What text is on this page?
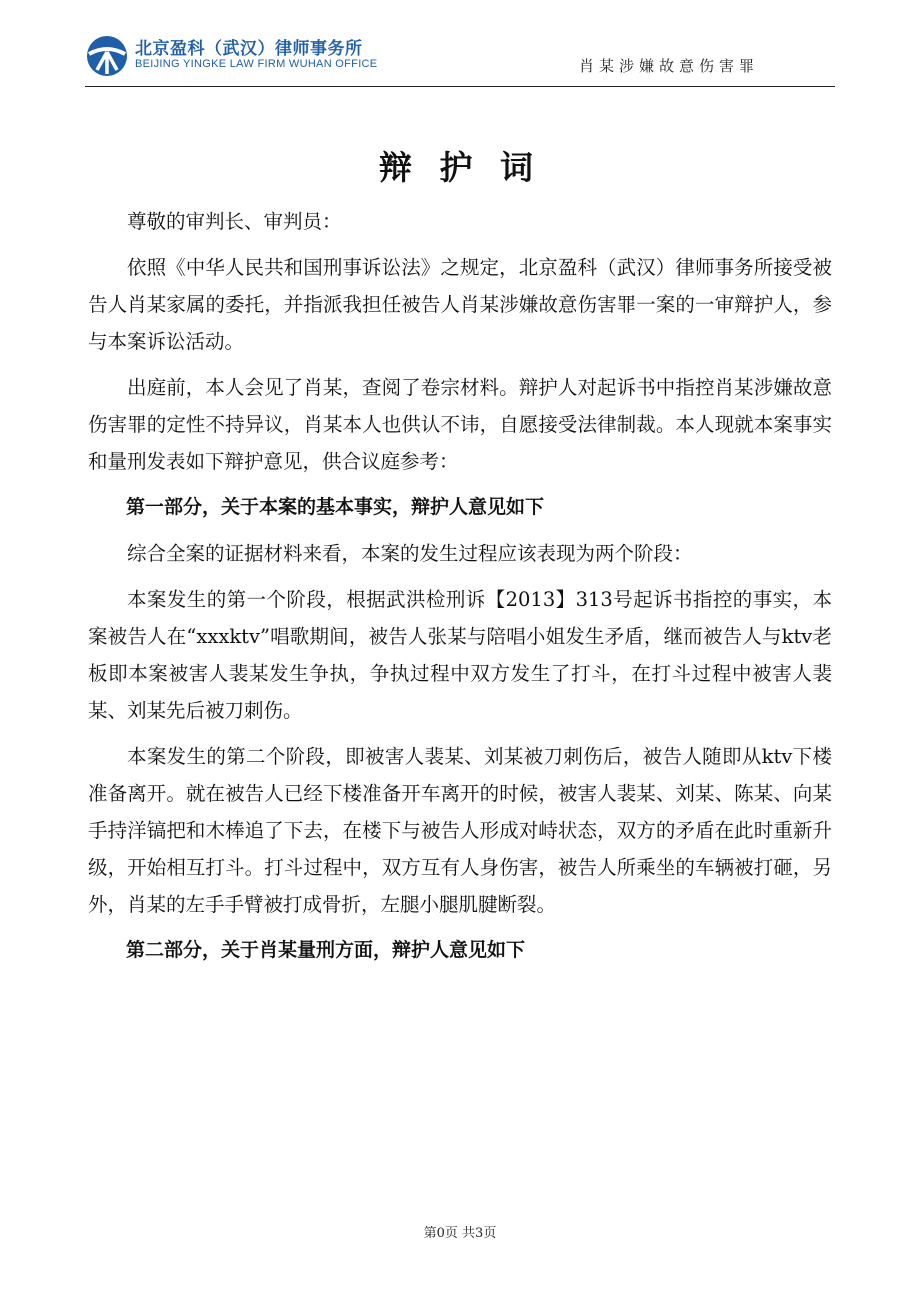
北京盈科（武汉）律师事务所
BEIJING YINGKE LAW FIRM WUHAN OFFICE	肖某涉嫌故意伤害罪
辩 护 词

尊敬的审判长、审判员：

依照《中华人民共和国刑事诉讼法》之规定，北京盈科（武汉）律师事务所接受被告人肖某家属的委托，并指派我担任被告人肖某涉嫌故意伤害罪一案的一审辩护人，参与本案诉讼活动。

出庭前，本人会见了肖某，查阅了卷宗材料。辩护人对起诉书中指控肖某涉嫌故意伤害罪的定性不持异议，肖某本人也供认不讳，自愿接受法律制裁。本人现就本案事实和量刑发表如下辩护意见，供合议庭参考：

第一部分，关于本案的基本事实，辩护人意见如下

综合全案的证据材料来看，本案的发生过程应该表现为两个阶段：

本案发生的第一个阶段，根据武洪检刑诉【2013】313号起诉书指控的事实，本案被告人在“xxxktv”唱歌期间，被告人张某与陪唱小姐发生矛盾，继而被告人与ktv老板即本案被害人裴某发生争执，争执过程中双方发生了打斗，在打斗过程中被害人裴某、刘某先后被刀刺伤。

本案发生的第二个阶段，即被害人裴某、刘某被刀刺伤后，被告人随即从ktv下楼准备离开。就在被告人已经下楼准备开车离开的时候，被害人裴某、刘某、陈某、向某手持洋镐把和木棒追了下去，在楼下与被告人形成对峙状态，双方的矛盾在此时重新升级，开始相互打斗。打斗过程中，双方互有人身伤害，被告人所乘坐的车辆被打砸，另外，肖某的左手手臂被打成骨折，左腿小腿肌腱断裂。

第二部分，关于肖某量刑方面，辩护人意见如下

第0页 共3页
